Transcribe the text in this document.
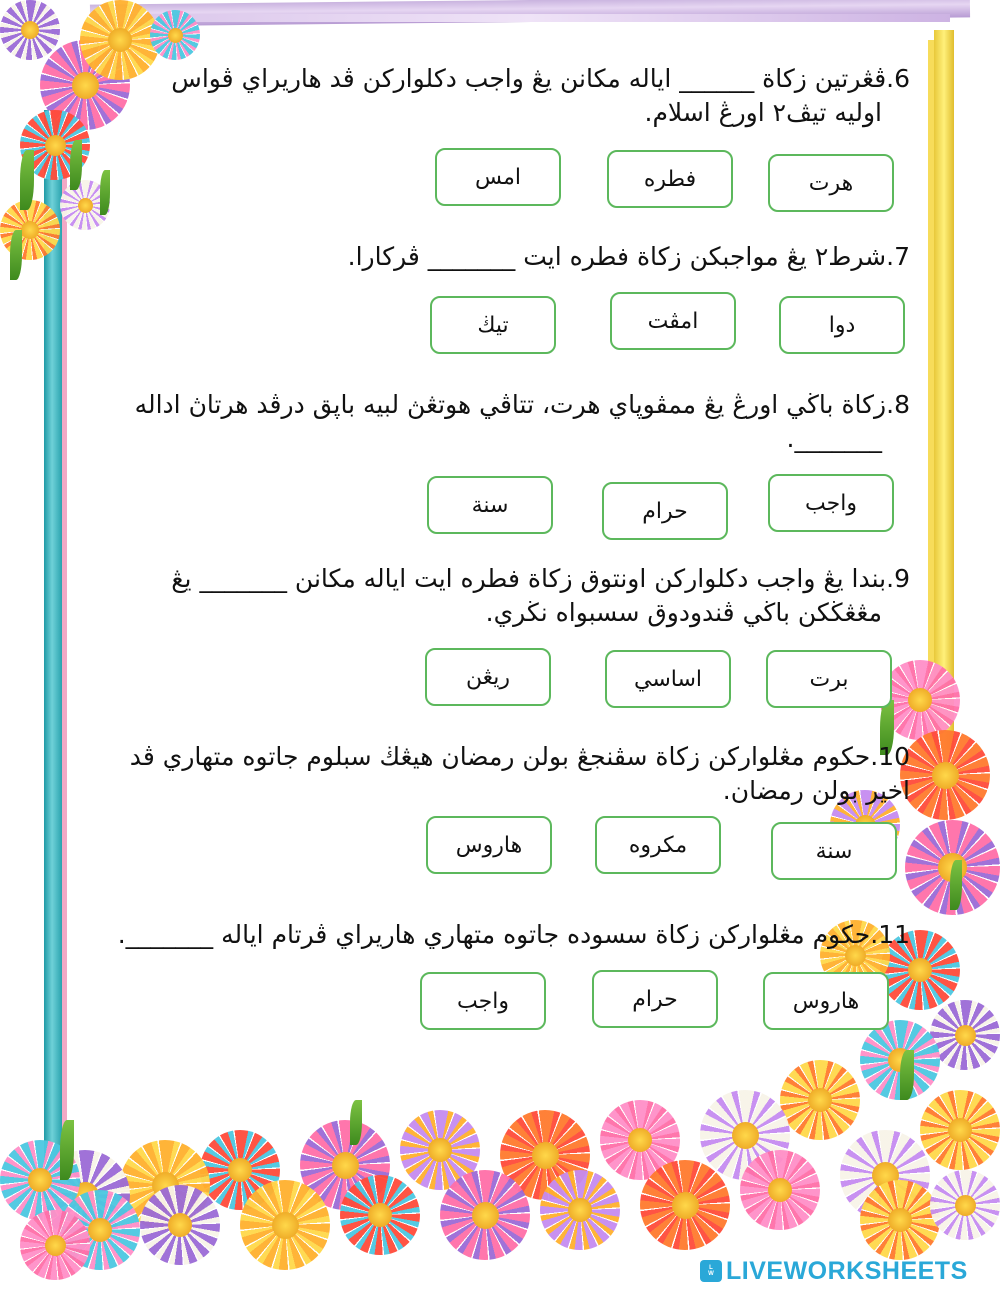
6.ڤڠرتين زكاة ______ اياله مكانن يڠ واجب دكلواركن ڤد هاريراي ڤواس
اوليه تيڤ٢ اورڠ اسلام.
هرت
فطره
امس
7.شرط٢ يڠ مواجبكن زكاة فطره ايت _______ ڤركارا.
دوا
امڤت
تيڬ
8.زكاة باڬي اورڠ يڠ ممڤوڽاي هرت، تتاڤي هوتڠڽ لبيه باڽق درڤد هرتاڽ اداله
_______.
واجب
حرام
سنة
9.بندا يڠ واجب دكلواركن اونتوق زكاة فطره ايت اياله مكانن _______ يڠ
مڠڠڬكن باڬي ڤندودوق سسبواه نڬري.
برت
اساسي
ريڠن
10.حكوم مڠلواركن زكاة سڤنجڠ بولن رمضان هيڠڬ سبلوم جاتوه متهاري ڤد
اخير بولن رمضان.
سنة
مكروه
هاروس
11.حكوم مڠلواركن زكاة سسوده جاتوه متهاري هاريراي ڤرتام اياله _______.
هاروس
حرام
واجب
L
W LIVEWORKSHEETS
